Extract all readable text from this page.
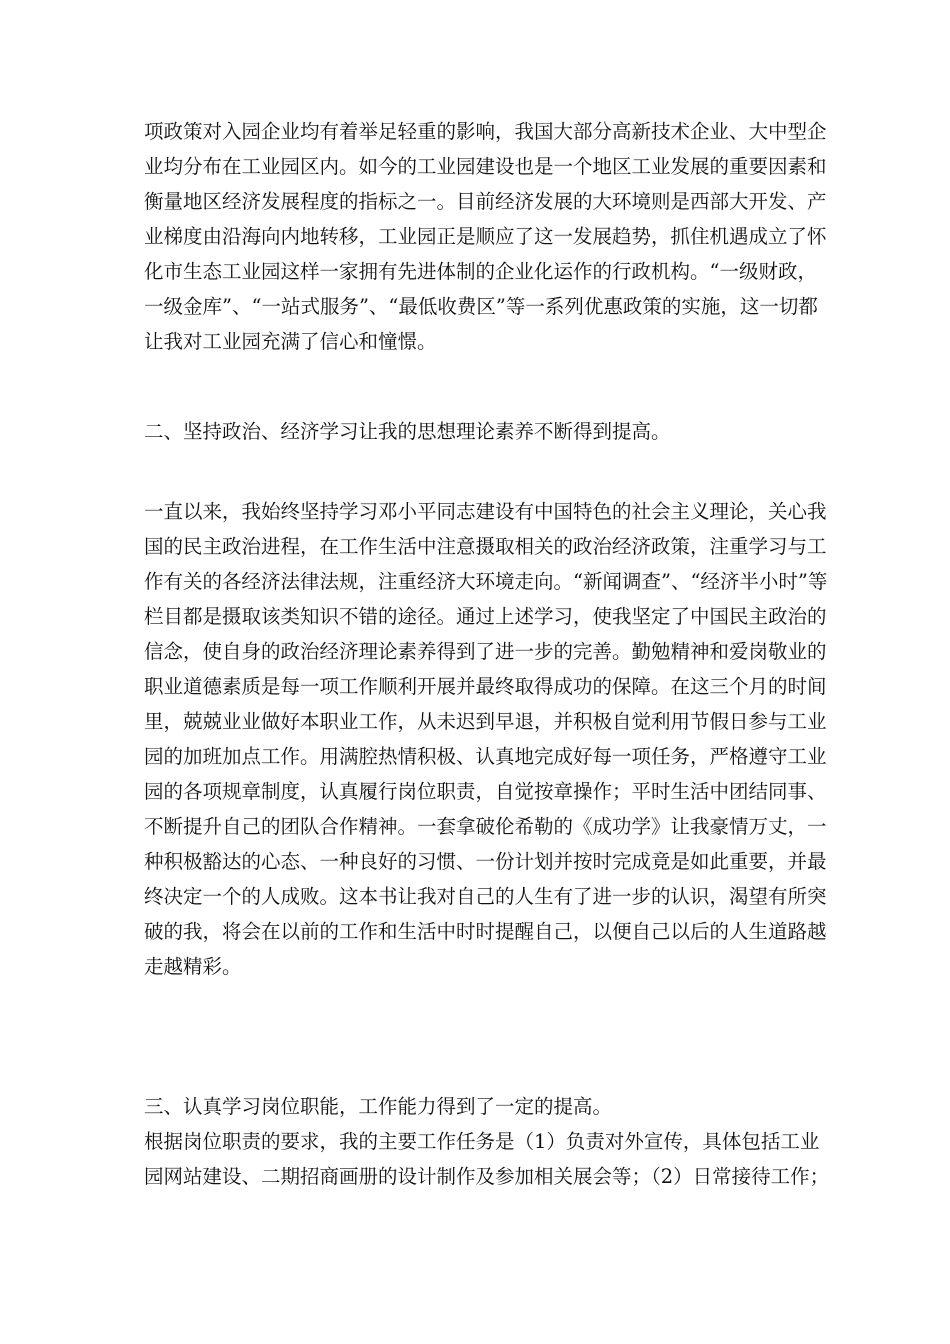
项政策对入园企业均有着举足轻重的影响，我国大部分高新技术企业、大中型企
业均分布在工业园区内。如今的工业园建设也是一个地区工业发展的重要因素和
衡量地区经济发展程度的指标之一。目前经济发展的大环境则是西部大开发、产
业梯度由沿海向内地转移，工业园正是顺应了这一发展趋势，抓住机遇成立了怀
化市生态工业园这样一家拥有先进体制的企业化运作的行政机构。“一级财政，
一级金库”、“一站式服务”、“最低收费区”等一系列优惠政策的实施，这一切都
让我对工业园充满了信心和憧憬。
二、坚持政治、经济学习让我的思想理论素养不断得到提高。
一直以来，我始终坚持学习邓小平同志建设有中国特色的社会主义理论，关心我
国的民主政治进程，在工作生活中注意摄取相关的政治经济政策，注重学习与工
作有关的各经济法律法规，注重经济大环境走向。“新闻调查”、“经济半小时”等
栏目都是摄取该类知识不错的途径。通过上述学习，使我坚定了中国民主政治的
信念，使自身的政治经济理论素养得到了进一步的完善。勤勉精神和爱岗敬业的
职业道德素质是每一项工作顺利开展并最终取得成功的保障。在这三个月的时间
里，兢兢业业做好本职业工作，从未迟到早退，并积极自觉利用节假日参与工业
园的加班加点工作。用满腔热情积极、认真地完成好每一项任务，严格遵守工业
园的各项规章制度，认真履行岗位职责，自觉按章操作；平时生活中团结同事、
不断提升自己的团队合作精神。一套拿破伦希勒的《成功学》让我豪情万丈，一
种积极豁达的心态、一种良好的习惯、一份计划并按时完成竟是如此重要，并最
终决定一个的人成败。这本书让我对自己的人生有了进一步的认识，渴望有所突
破的我，将会在以前的工作和生活中时时提醒自己，以便自己以后的人生道路越
走越精彩。
三、认真学习岗位职能，工作能力得到了一定的提高。
根据岗位职责的要求，我的主要工作任务是（1）负责对外宣传，具体包括工业
园网站建设、二期招商画册的设计制作及参加相关展会等；（2）日常接待工作；
